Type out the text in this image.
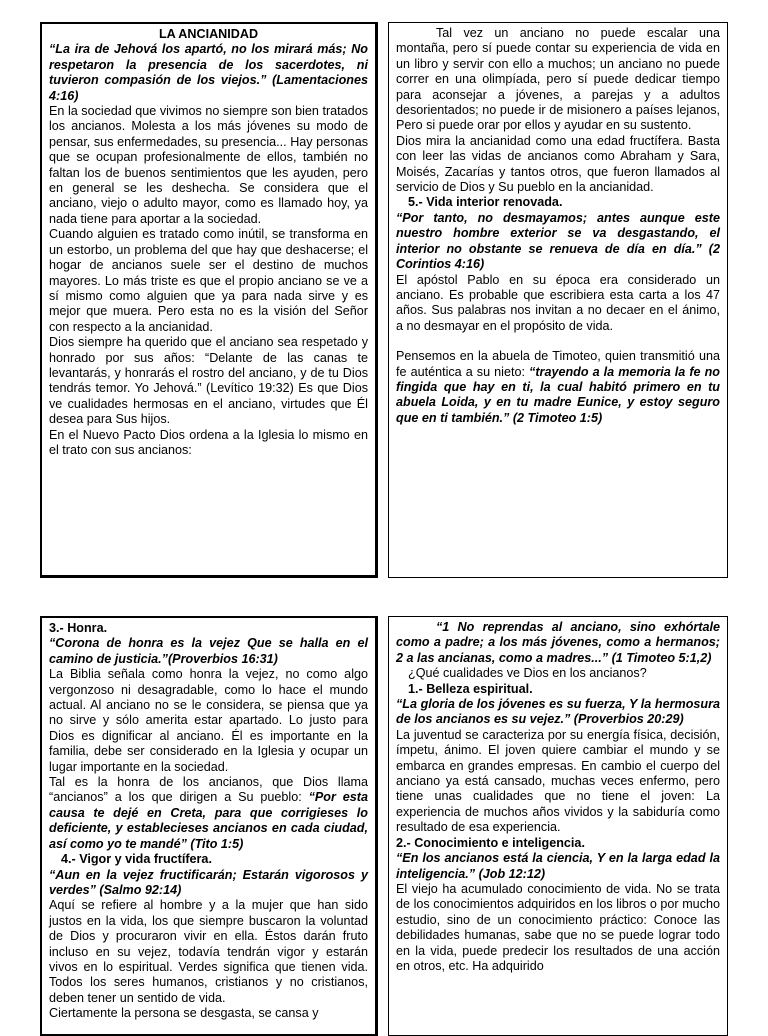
LA ANCIANIDAD

“La ira de Jehová los apartó, no los mirará más; No respetaron la presencia de los sacerdotes, ni tuvieron compasión de los viejos.” (Lamentaciones 4:16)

En la sociedad que vivimos no siempre son bien tratados los ancianos. Molesta a los más jóvenes su modo de pensar, sus enfermedades, su presencia... Hay personas que se ocupan profesionalmente de ellos, también no faltan los de buenos sentimientos que les ayuden, pero en general se les deshecha. Se considera que el anciano, viejo o adulto mayor, como es llamado hoy, ya nada tiene para aportar a la sociedad.

Cuando alguien es tratado como inútil, se transforma en un estorbo, un problema del que hay que deshacerse; el hogar de ancianos suele ser el destino de muchos mayores. Lo más triste es que el propio anciano se ve a sí mismo como alguien que ya para nada sirve y es mejor que muera. Pero esta no es la visión del Señor con respecto a la ancianidad.

Dios siempre ha querido que el anciano sea respetado y honrado por sus años: “Delante de las canas te levantarás, y honrarás el rostro del anciano, y de tu Dios tendrás temor. Yo Jehová.” (Levítico 19:32) Es que Dios ve cualidades hermosas en el anciano, virtudes que Él desea para Sus hijos.

En el Nuevo Pacto Dios ordena a la Iglesia lo mismo en el trato con sus ancianos:

Tal vez un anciano no puede escalar una montaña, pero sí puede contar su experiencia de vida en un libro y servir con ello a muchos; un anciano no puede correr en una olimpíada, pero sí puede dedicar tiempo para aconsejar a jóvenes, a parejas y a adultos desorientados; no puede ir de misionero a países lejanos, Pero si puede orar por ellos y ayudar en su sustento.

Dios mira la ancianidad como una edad fructífera. Basta con leer las vidas de ancianos como Abraham y Sara, Moisés, Zacarías y tantos otros, que fueron llamados al servicio de Dios y Su pueblo en la ancianidad.

5.- Vida interior renovada.

“Por tanto, no desmayamos; antes aunque este nuestro hombre exterior se va desgastando, el interior no obstante se renueva de día en día.” (2 Corintios 4:16)

El apóstol Pablo en su época era considerado un anciano. Es probable que escribiera esta carta a los 47 años. Sus palabras nos invitan a no decaer en el ánimo, a no desmayar en el propósito de vida.

Pensemos en la abuela de Timoteo, quien transmitió una fe auténtica a su nieto: “trayendo a la memoria la fe no fingida que hay en ti, la cual habitó primero en tu abuela Loida, y en tu madre Eunice, y estoy seguro que en ti también.” (2 Timoteo 1:5)

3.- Honra.

“Corona de honra es la vejez Que se halla en el camino de justicia.”(Proverbios 16:31)

La Biblia señala como honra la vejez, no como algo vergonzoso ni desagradable, como lo hace el mundo actual. Al anciano no se le considera, se piensa que ya no sirve y sólo amerita estar apartado. Lo justo para Dios es dignificar al anciano. Él es importante en la familia, debe ser considerado en la Iglesia y ocupar un lugar importante en la sociedad.

Tal es la honra de los ancianos, que Dios llama “ancianos” a los que dirigen a Su pueblo: “Por esta causa te dejé en Creta, para que corrigieses lo deficiente, y establecieses ancianos en cada ciudad, así como yo te mandé” (Tito 1:5)

4.- Vigor y vida fructífera.

“Aun en la vejez fructificarán; Estarán vigorosos y verdes” (Salmo 92:14)

Aquí se refiere al hombre y a la mujer que han sido justos en la vida, los que siempre buscaron la voluntad de Dios y procuraron vivir en ella. Éstos darán fruto incluso en su vejez, todavía tendrán vigor y estarán vivos en lo espiritual. Verdes significa que tienen vida. Todos los seres humanos, cristianos y no cristianos, deben tener un sentido de vida.

Ciertamente la persona se desgasta, se cansa y

“1 No reprendas al anciano, sino exhórtale como a padre; a los más jóvenes, como a hermanos; 2 a las ancianas, como a madres...” (1 Timoteo 5:1,2)

¿Qué cualidades ve Dios en los ancianos?

1.- Belleza espiritual.

“La gloria de los jóvenes es su fuerza, Y la hermosura de los ancianos es su vejez.” (Proverbios 20:29)

La juventud se caracteriza por su energía física, decisión, ímpetu, ánimo. El joven quiere cambiar el mundo y se embarca en grandes empresas. En cambio el cuerpo del anciano ya está cansado, muchas veces enfermo, pero tiene unas cualidades que no tiene el joven: La experiencia de muchos años vividos y la sabiduría como resultado de esa experiencia.

2.- Conocimiento e inteligencia.

“En los ancianos está la ciencia, Y en la larga edad la inteligencia.” (Job 12:12)

El viejo ha acumulado conocimiento de vida. No se trata de los conocimientos adquiridos en los libros o por mucho estudio, sino de un conocimiento práctico: Conoce las debilidades humanas, sabe que no se puede lograr todo en la vida, puede predecir los resultados de una acción en otros, etc. Ha adquirido
